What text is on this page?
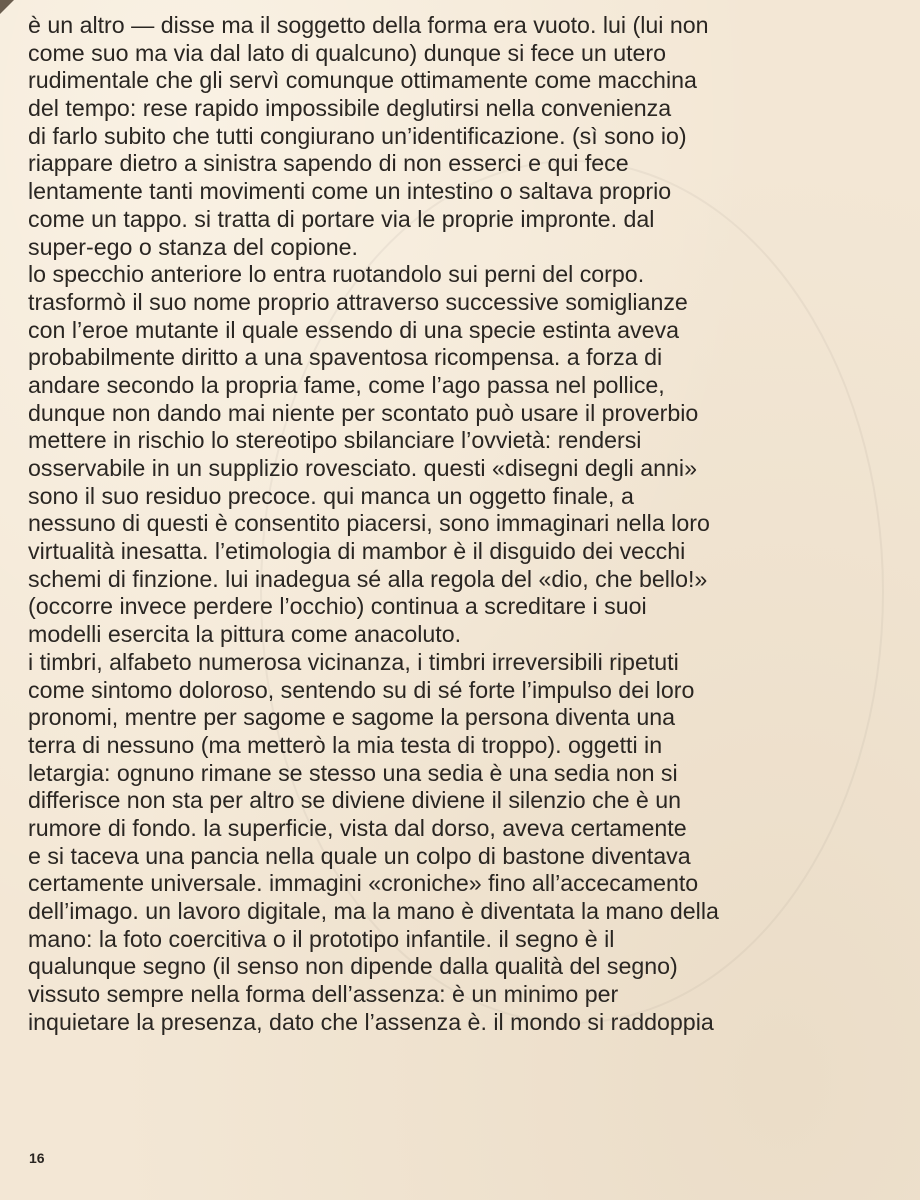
è un altro — disse ma il soggetto della forma era vuoto. lui (lui non
come suo ma via dal lato di qualcuno) dunque si fece un utero
rudimentale che gli servì comunque ottimamente come macchina
del tempo: rese rapido impossibile deglutirsi nella convenienza
di farlo subito che tutti congiurano un’identificazione. (sì sono io)
riappare dietro a sinistra sapendo di non esserci e qui fece
lentamente tanti movimenti come un intestino o saltava proprio
come un tappo. si tratta di portare via le proprie impronte. dal
super-ego o stanza del copione.
lo specchio anteriore lo entra ruotandolo sui perni del corpo.
trasformò il suo nome proprio attraverso successive somiglianze
con l’eroe mutante il quale essendo di una specie estinta aveva
probabilmente diritto a una spaventosa ricompensa. a forza di
andare secondo la propria fame, come l’ago passa nel pollice,
dunque non dando mai niente per scontato può usare il proverbio
mettere in rischio lo stereotipo sbilanciare l’ovvietà: rendersi
osservabile in un supplizio rovesciato. questi «disegni degli anni»
sono il suo residuo precoce. qui manca un oggetto finale, a
nessuno di questi è consentito piacersi, sono immaginari nella loro
virtualità inesatta. l’etimologia di mambor è il disguido dei vecchi
schemi di finzione. lui inadegua sé alla regola del «dio, che bello!»
(occorre invece perdere l’occhio) continua a screditare i suoi
modelli esercita la pittura come anacoluto.
i timbri, alfabeto numerosa vicinanza, i timbri irreversibili ripetuti
come sintomo doloroso, sentendo su di sé forte l’impulso dei loro
pronomi, mentre per sagome e sagome la persona diventa una
terra di nessuno (ma metterò la mia testa di troppo). oggetti in
letargia: ognuno rimane se stesso una sedia è una sedia non si
differisce non sta per altro se diviene diviene il silenzio che è un
rumore di fondo. la superficie, vista dal dorso, aveva certamente
e si taceva una pancia nella quale un colpo di bastone diventava
certamente universale. immagini «croniche» fino all’accecamento
dell’imago. un lavoro digitale, ma la mano è diventata la mano della
mano: la foto coercitiva o il prototipo infantile. il segno è il
qualunque segno (il senso non dipende dalla qualità del segno)
vissuto sempre nella forma dell’assenza: è un minimo per
inquietare la presenza, dato che l’assenza è. il mondo si raddoppia
16
